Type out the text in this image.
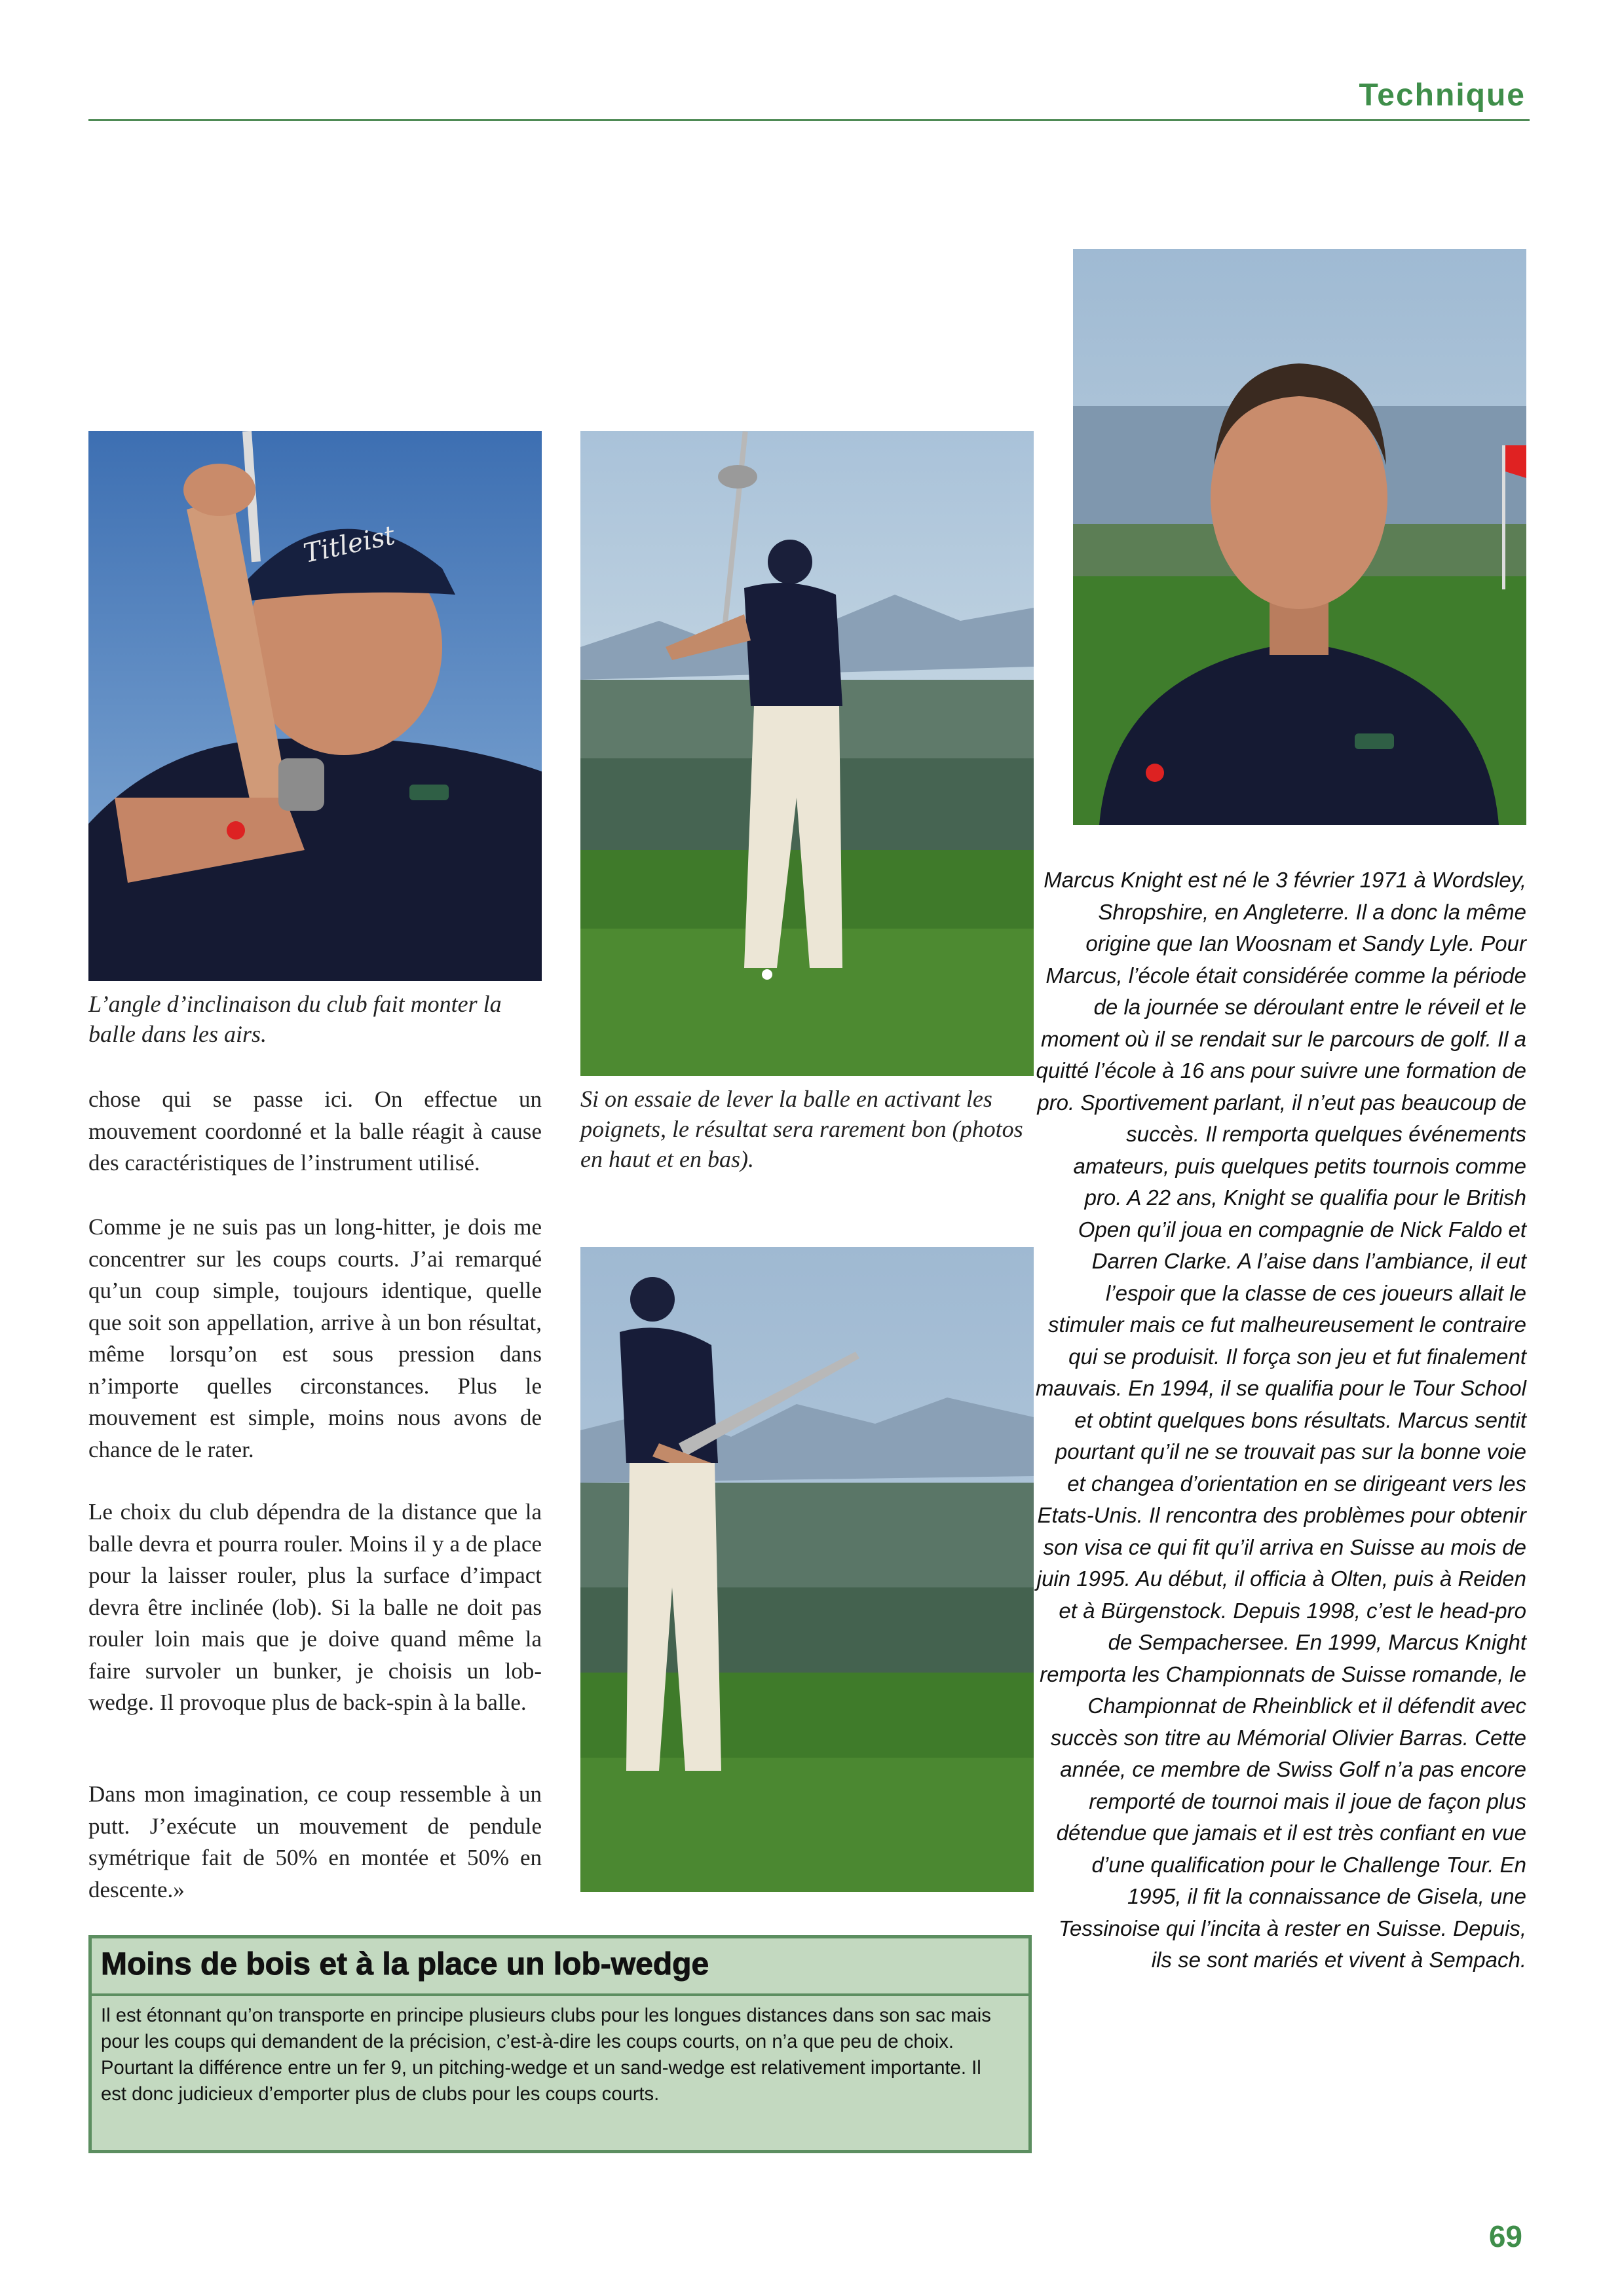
Technique
Titleist
L’angle d’inclinaison du club fait monter la balle dans les airs.
Si on essaie de lever la balle en activant les poignets, le résultat sera rarement bon (photos en haut et en bas).
chose qui se passe ici. On effectue un mouvement coordonné et la balle réagit à cause des caractéristiques de l’instrument utilisé.
Comme je ne suis pas un long-hitter, je dois me concentrer sur les coups courts. J’ai remarqué qu’un coup simple, toujours identique, quelle que soit son appellation, arrive à un bon résultat, même lorsqu’on est sous pression dans n’importe quelles circonstances. Plus le mouvement est simple, moins nous avons de chance de le rater.
Le choix du club dépendra de la distance que la balle devra et pourra rouler. Moins il y a de place pour la laisser rouler, plus la surface d’impact devra être inclinée (lob). Si la balle ne doit pas rouler loin mais que je doive quand même la faire survoler un bunker, je choisis un lob-wedge. Il provoque plus de back-spin à la balle.
Dans mon imagination, ce coup ressemble à un putt. J’exécute un mouvement de pendule symétrique fait de 50% en montée et 50% en descente.»
Marcus Knight est né le 3 février 1971 à Wordsley, Shropshire, en Angleterre. Il a donc la même origine que Ian Woosnam et Sandy Lyle. Pour Marcus, l’école était considérée comme la période de la journée se déroulant entre le réveil et le moment où il se rendait sur le parcours de golf. Il a quitté l’école à 16 ans pour suivre une formation de pro. Sportivement parlant, il n’eut pas beaucoup de succès. Il remporta quelques événements amateurs, puis quelques petits tournois comme pro. A 22 ans, Knight se qualifia pour le British Open qu’il joua en compagnie de Nick Faldo et Darren Clarke. A l’aise dans l’ambiance, il eut l’espoir que la classe de ces joueurs allait le stimuler mais ce fut malheureusement le contraire qui se produisit. Il força son jeu et fut finalement mauvais. En 1994, il se qualifia pour le Tour School et obtint quelques bons résultats. Marcus sentit pourtant qu’il ne se trouvait pas sur la bonne voie et changea d’orientation en se dirigeant vers les Etats-Unis. Il rencontra des problèmes pour obtenir son visa ce qui fit qu’il arriva en Suisse au mois de juin 1995. Au début, il officia à Olten, puis à Reiden et à Bürgenstock. Depuis 1998, c’est le head-pro de Sempachersee. En 1999, Marcus Knight remporta les Championnats de Suisse romande, le Championnat de Rheinblick et il défendit avec succès son titre au Mémorial Olivier Barras. Cette année, ce membre de Swiss Golf n’a pas encore remporté de tournoi mais il joue de façon plus détendue que jamais et il est très confiant en vue d’une qualification pour le Challenge Tour. En 1995, il fit la connaissance de Gisela, une Tessinoise qui l’incita à rester en Suisse. Depuis, ils se sont mariés et vivent à Sempach.
Moins de bois et à la place un lob-wedge
Il est étonnant qu’on transporte en principe plusieurs clubs pour les longues distances dans son sac mais pour les coups qui demandent de la précision, c’est-à-dire les coups courts, on n’a que peu de choix. Pourtant la différence entre un fer 9, un pitching-wedge et un sand-wedge est relativement importante. Il est donc judicieux d’emporter plus de clubs pour les coups courts.
69
